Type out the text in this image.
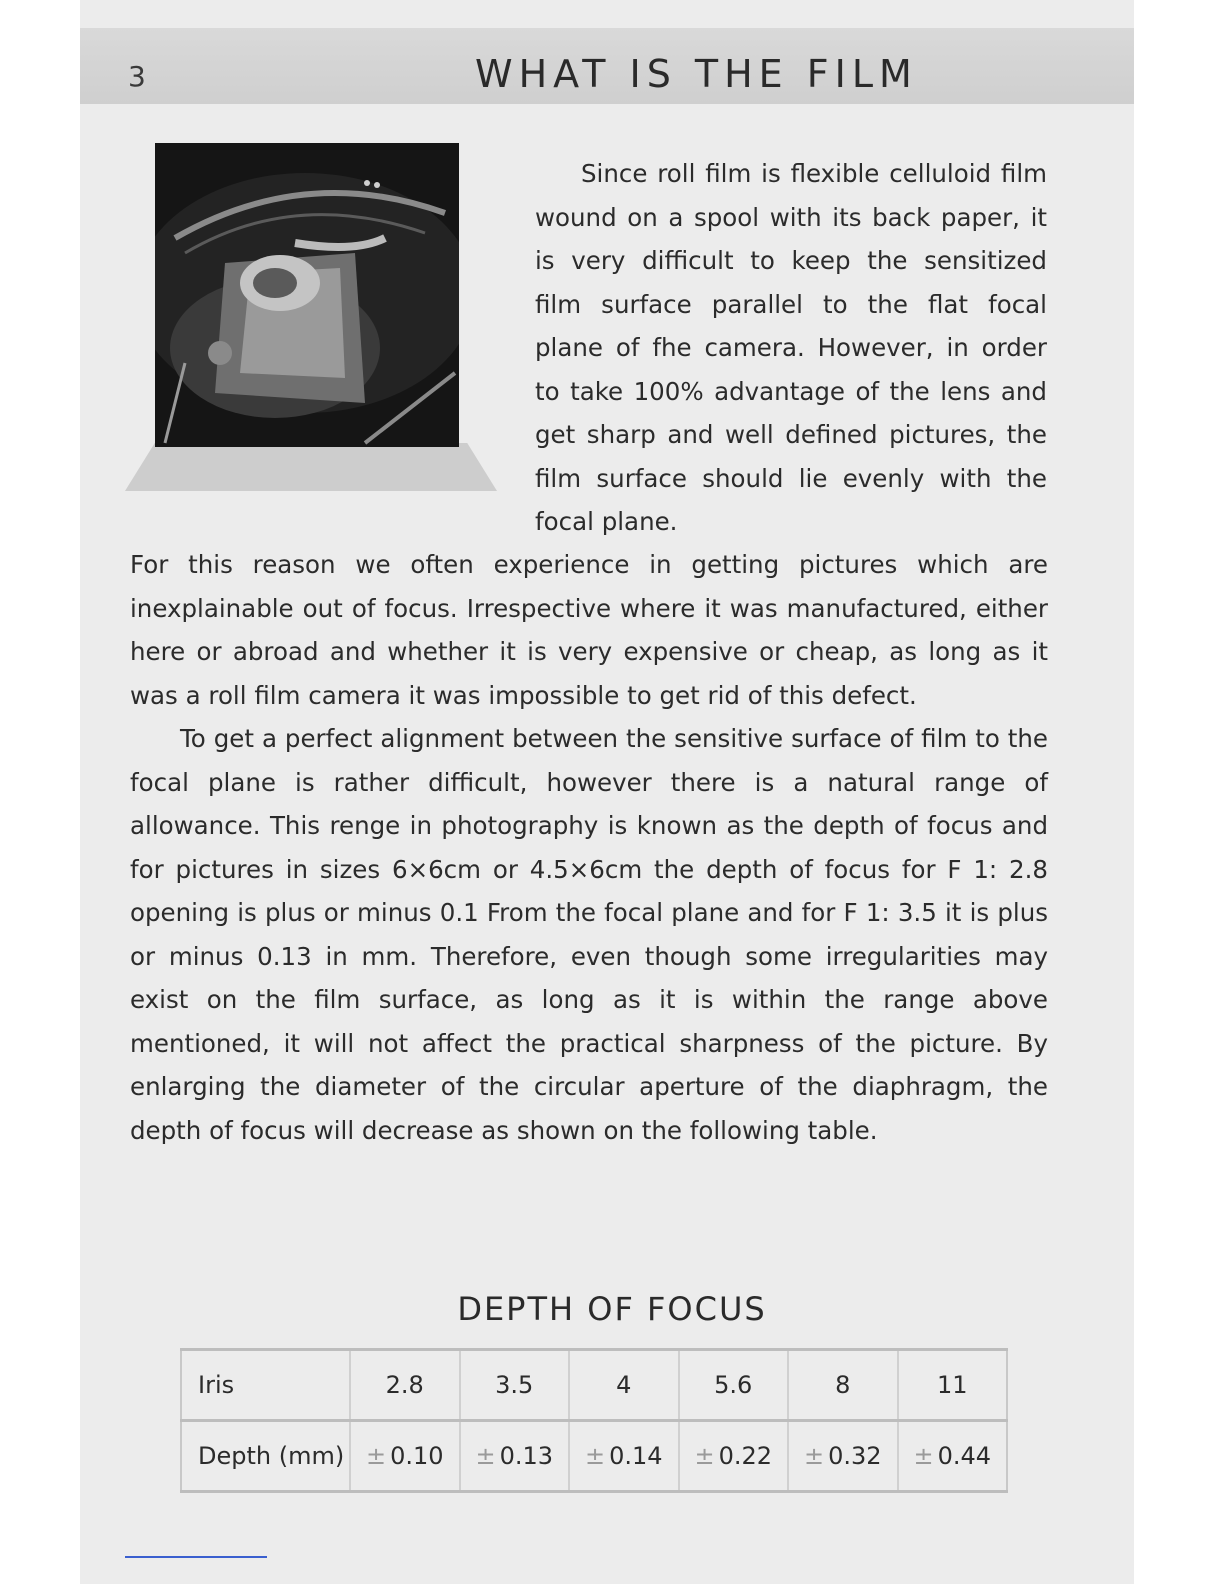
3	WHAT IS THE FILM

Since roll film is flexible celluloid film wound on a spool with its back paper, it is very difficult to keep the sensitized film surface parallel to the flat focal plane of fhe camera. However, in order to take 100% advantage of the lens and get sharp and well defined pictures, the film surface should lie evenly with the focal plane.

For this reason we often experience in getting pictures which are inexplainable out of focus. Irrespective where it was manufactured, either here or abroad and whether it is very expensive or cheap, as long as it was a roll film camera it was impossible to get rid of this defect.

To get a perfect alignment between the sensitive surface of film to the focal plane is rather difficult, however there is a natural range of allowance. This renge in photography is known as the depth of focus and for pictures in sizes 6×6cm or 4.5×6cm the depth of focus for F 1: 2.8 opening is plus or minus 0.1 From the focal plane and for F 1: 3.5 it is plus or minus 0.13 in mm. Therefore, even though some irregularities may exist on the film surface, as long as it is within the range above mentioned, it will not affect the practical sharpness of the picture. By enlarging the diameter of the circular aperture of the diaphragm, the depth of focus will decrease as shown on the following table.

DEPTH OF FOCUS
Iris	2.8	3.5	4	5.6	8	11
Depth (mm)	± 0.10	± 0.13	± 0.14	± 0.22	± 0.32	± 0.44
